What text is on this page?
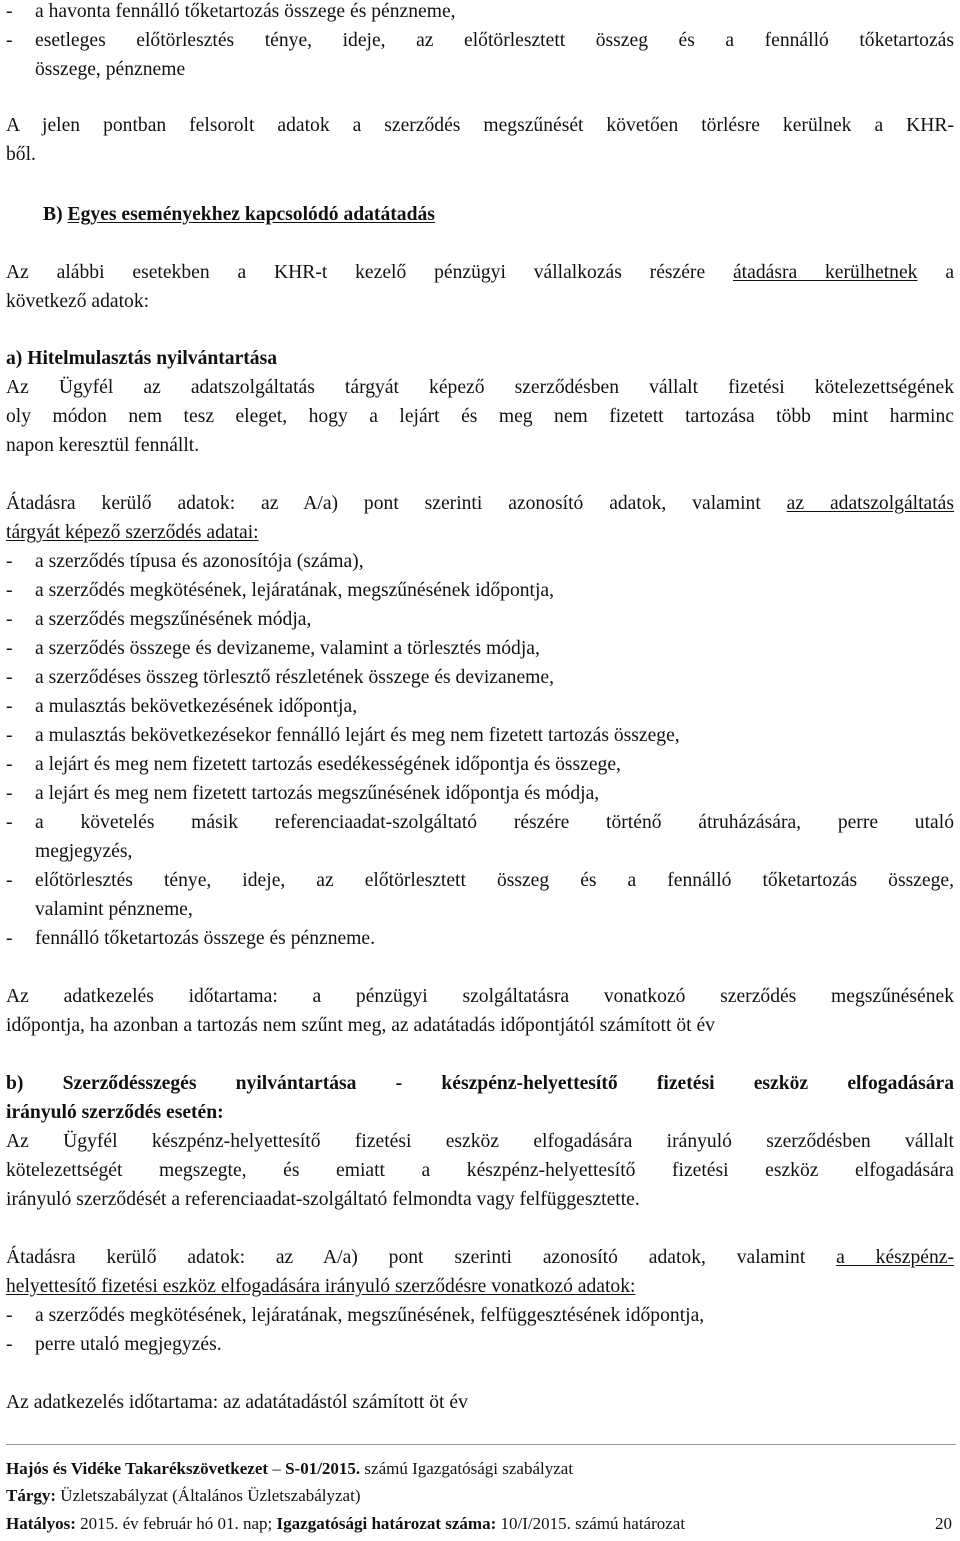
- a havonta fennálló tőketartozás összege és pénzneme,
- esetleges előtörlesztés ténye, ideje, az előtörlesztett összeg és a fennálló tőketartozás
összege, pénzneme
A jelen pontban felsorolt adatok a szerződés megszűnését követően törlésre kerülnek a KHR-
ből.
B) Egyes eseményekhez kapcsolódó adatátadás
Az alábbi esetekben a KHR-t kezelő pénzügyi vállalkozás részére átadásra kerülhetnek a
következő adatok:
a) Hitelmulasztás nyilvántartása
Az Ügyfél az adatszolgáltatás tárgyát képező szerződésben vállalt fizetési kötelezettségének
oly módon nem tesz eleget, hogy a lejárt és meg nem fizetett tartozása több mint harminc
napon keresztül fennállt.
Átadásra kerülő adatok: az A/a) pont szerinti azonosító adatok, valamint az adatszolgáltatás
tárgyát képező szerződés adatai:
- a szerződés típusa és azonosítója (száma),
- a szerződés megkötésének, lejáratának, megszűnésének időpontja,
- a szerződés megszűnésének módja,
- a szerződés összege és devizaneme, valamint a törlesztés módja,
- a szerződéses összeg törlesztő részletének összege és devizaneme,
- a mulasztás bekövetkezésének időpontja,
- a mulasztás bekövetkezésekor fennálló lejárt és meg nem fizetett tartozás összege,
- a lejárt és meg nem fizetett tartozás esedékességének időpontja és összege,
- a lejárt és meg nem fizetett tartozás megszűnésének időpontja és módja,
- a követelés másik referenciaadat-szolgáltató részére történő átruházására, perre utaló
megjegyzés,
- előtörlesztés ténye, ideje, az előtörlesztett összeg és a fennálló tőketartozás összege,
valamint pénzneme,
- fennálló tőketartozás összege és pénzneme.
Az adatkezelés időtartama: a pénzügyi szolgáltatásra vonatkozó szerződés megszűnésének
időpontja, ha azonban a tartozás nem szűnt meg, az adatátadás időpontjától számított öt év
b) Szerződésszegés nyilvántartása - készpénz-helyettesítő fizetési eszköz elfogadására
irányuló szerződés esetén:
Az Ügyfél készpénz-helyettesítő fizetési eszköz elfogadására irányuló szerződésben vállalt
kötelezettségét megszegte, és emiatt a készpénz-helyettesítő fizetési eszköz elfogadására
irányuló szerződését a referenciaadat-szolgáltató felmondta vagy felfüggesztette.
Átadásra kerülő adatok: az A/a) pont szerinti azonosító adatok, valamint a készpénz-
helyettesítő fizetési eszköz elfogadására irányuló szerződésre vonatkozó adatok:
- a szerződés megkötésének, lejáratának, megszűnésének, felfüggesztésének időpontja,
- perre utaló megjegyzés.
Az adatkezelés időtartama: az adatátadástól számított öt év
Hajós és Vidéke Takarékszövetkezet – S-01/2015. számú Igazgatósági szabályzat
Tárgy: Üzletszabályzat (Általános Üzletszabályzat)
Hatályos: 2015. év február hó 01. nap; Igazgatósági határozat száma: 10/I/2015. számú határozat	20
